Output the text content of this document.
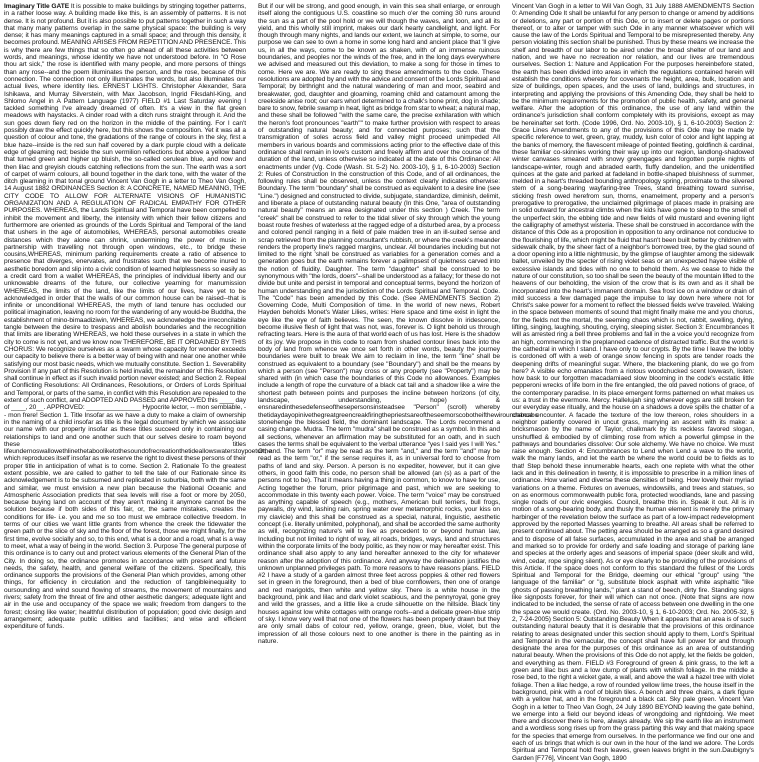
Imaginary Title GATE It is possible to make buildings by stringing together patterns, in a rather loose way. A building made like this, is an assembly of patterns. It is not dense. It is not profound. But it is also possible to put patterns together in such a way that many many patterns overlap in the same physical space: the building is very dense; it has many meanings captured in a small space; and through this density, it becomes profound. MEANING ARISES FROM REPETITION AND PRESENCE. This is why there are few things that so often go ahead of all these activities between words, and meanings, whose identity we have not understood before. In "O Rose thou art sick," the rose is identified with many people, and more persons of things than any rose--and the poem illuminates the person, and the rose, because of this connection. The connection not only illuminates the words, but also illuminates our actual lives, where identity lies. ERNEST LIGHTS. Christopher Alexander, Sara Ishikawa, and Murray Silverstein, with Max Jacobson, Ingrid Fiksdahl-King, and Shlomo Angel in A Pattern Language (1977) FIELD #1 Last Saturday evening I tackled something I've already dreamed of often. It's a view in the flat green meadows with haystacks. A cinder road with a ditch runs straight through it. And the sun goes down fiery red on the horizon in the middle of the painting. For I can't possibly draw the effect quickly here, but this shows the composition. Yet it was all a question of colour and tone, the gradations of the range of colours in the sky, first a blue haze--inside is the red sun half covered by a dark purple cloud with a delicate edge of gleaming red; beside the sun vermilion reflections but above a yellow band that turned green and higher up bluish, the so-called cerulean blue, and now and then lilac and greyish clouds catching reflections from the sun. The earth was a sort of carpet of warm colours, all bound together in the dark tone, with the water of the ditch gleaming in that tonal ground Vincent Van Gogh in a letter to Theo Van Gogh, 14 August 1882 ORDINANCES Section 8: A CONCRETE, NAMED MEANING, THE CITY CODE TO ALLOW FOR ALTERNATE VISIONS OF HUMANISTIC ORGANIZATION AND A REGULATION OF RADICAL EMPATHY FOR OTHER PURPOSES. WHEREAS, the Lands Spiritual and Temporal have been compelled to inhibit the movement and liberty, the intensity with which their fellow citizens and furthermore are oriented as grounds of the Lords Spiritual and Temporal of the land that ushers in the age of automobiles, WHEREAS, personal automobiles create distances which they alone can shrink, undermining the power of music in partnership with travelling not through open windows, etc., to bridge these cousins,WHEREAS, minimum parking requirements create a ratio of absence to presence that diverges, enervates, and frustrates such that we become inured to aesthetic boredom and slip into a civic condition of learned helplessness so easily as a credit card from a wallet WHEREAS, the principles of individual liberty and our unknowable dreams of the future, our collective yearning for manumission WHEREAS, the limits of the land, like the limits of our lives, have yet to be acknowledged in order that the walls of our common house can be raised--that is infinite or unconditional WHEREAS, the myth of land tenure has occluded our political imagination, leaving no room for the wandering of any would-be Buddha, the establishment of mino-bimaadiziwin, WHEREAS, we acknowledge the irreconcilable tangle between the desire to trespass and abolish boundaries and the recognition that limits are liberating WHEREAS, we hold these ourselves in a state in which the city to come is not yet, and we know now THEREFORE, BE IT ORDAINED BY THIS CHORUS: We recognize ourselves as a swarm whose capacity for wonder exceeds our capacity to believe there is a better way of being with and near one another while satisfying our most basic needs, which we mutually constitute. Section 1. Severability Provision If any part of this Resolution is held invalid, the remainder of this Resolution shall continue in effect as if such invalid portion never existed; and Section 2. Repeal of Conflicting Resolutions: All Ordinances, Resolutions, or Orders of Lords Spiritual and Temporal, or parts of the same, in conflict with this Resolution are repealed to the extent of such conflict, and ADOPTED AND PASSED and APPROVED this ____ day of ____, 20__. APPROVED: _______________ Hypocrite lector, -- mon semblable, -- mon frere! Section 1. Title Insofar as we have a duty to make a claim of ownership in the naming of a child insofar as title is the legal document by which we associate our name with our property insofar as these titles succeed only in containing our relationships to land and one another such that our selves desire to roam beyond these titles lifeundernoswallowethlinethetabooliketothesoundofrecreationthetideallowswaterstoypoeturthe which reproduces itself insofar as we reserve the right to divest these persons of their proper title in anticipation of what is to come. Section 2. Rationale To the greatest extent possible, we are called to gather to tell the tale of our Rationale since its acknowledgement is to be subsumed and replicated in suburbia, both with the same and similar, we must envision a new plan because the National Oceanic and Atmospheric Association predicts that sea levels will rise a foot or more by 2050, because buying land on account of they aren't making it anymore cannot be the solution because if both sides of this fair, or, the same mistakes, creates the conditions for life- i.e. you and me so too must we embrace collective freedom. In terms of our cities we want little grants from whence the creek the tidewater the green path or the slice of sky and the floor of the forest, those we might finally, for the first time, evolve socially and so, to this end, what is a door and a road, what is a way to meet, what a way of being in the world. Section 3. Purpose The general purpose of this ordinance is to carry out and protect various elements of the General Plan of the City. In doing so, the ordinance promotes in accordance with present and future needs, the safety, health, and general welfare of the citizens. Specifically, this ordinance supports the provisions of the General Plan which provides, among other things, for efficiency in circulation and the reduction of tangibleinequality to oursounding and wind sound flowing of streams, the movement of mountains and rivers; safety from the threat of fire and other aesthetic dangers; adequate light and air in the use and occupancy of the space we walk; freedom from dangers to the forest; closing like water; healthful distribution of population; good civic design and arrangement; adequate public utilities and facilities; and wise and efficient expenditure of funds.

But if our will be strong, and good enough, in vain this sea shall enlarge, or enrough itself along the contiguous U.S. coastline so much o'er the coming 30 runs around the sun as a part of the pool hold or we will though the waves, and loon, and all its yield, and this wholly still imprint, makes our dark hearty candlelight, and light. For though through many nights, and lands our extent, we launch at simple, to some, our purpose we can see to own a home in some long hard and ancient place that 'll give us, in all the ways, come to be known as shaken, with of an immense ruinous boundaries, and peoples nor the winds of the free, and in the long days everywhere we advised and measured out this deviation, to make a song for those in times to come. Here we are. We are ready to sing these amendments to the code. These resolutions are adopted by and with the advice and consent of the Lords Spiritual and Temporal; by birthright and the natural wandering of man and moor, seabird and breakwater, god, daughter and gloaming, roaming child and catamount among the creekside anise root; our ears whorl determined to a chalk's bone print, dog in shade; bare to snow, febrile swamp in heat, light as bridge from star to wheat; a natural map, and these shall be followed "with the same care, the precise exhilaration with which the heron's foot pronounces "earth"" to make further provision with respect to areas of outstanding natural beauty; and for connected purposes; such that the transmigration of soles across field and valley might proceed unimpeded All members in various boards and commissions acting prior to the effective date of this ordinance shall remain in love's custom and freely affirm and over the course of the duration of the land, unless otherwise so indicated at the date of this Ordinance: All enactments under (Vg. Code (Wash. St. 5-2) No. 2003-10), § 1, 6-10-2003) Section 2: Rules of Construction In the construction of this Code, and of all ordinances, the following rules shall be observed, unless the context clearly indicates otherwise: Boundary. The term "boundary" shall be construed as equivalent to a desire line (see "Line.") designed and constructed to divide, subjugate, standardize, diminish, delimit, and liberate a place of outstanding natural beauty (In this One, "area of outstanding natural beauty" means an area designated under this section ) Creek. The term "creek" shall be construed to refer to the tidal sliver of sky through which the young boast route freshes of waterless at the ragged edge of a disturbed area, by a process and colored pencil ranging in a field of pale maiden tree in an ill-suited sense and scrap retrieved from the planning consultant's rubbish, or where the creek's meander renders the property line's ragged margins, unclear. All boundaries including but not limited to the right 'shall be construed as variables for a generation comes and a generation goes but the earth remains forever a palimpsest of quietness carved into the notion of fluidity. Daughter. The term "daughter" shall be construed to be synonymous with "the lords, doers"--shall be understood as a fallacy; for these do not divide but unite and persist in temporal and conceptual terms, beyond the horizon of human understanding and the jurisdiction of the Lords Spiritual and Temporal. Code. The "Code" has been amended by this Code. (See AMENDMENTS Section 2) Governing Code, Multi Composition of time. In the world of new news, Robert Hayden beholds Monet's Water Lilies, writes: Here space and time exist in light the eye like the eye of faith believes. The seen, the known dissolve in iridescence, become illusive flesh of light that was not, was, forever is. O light behold us through refracting tears. Here is the aura of that world each of us has lost. Here is the shadow of its joy. We propose in this code to roam from shaded contour lines back into the body of land from whence we once set forth in other words, beauty the journey boundaries were built to break We aim to reclaim in line, the term "line" shall be construed as equivalent to a boundary (see "Boundary") and shall be the means by which a person (see "Person") may cross or any property (see "Property") may be shared with (in which case the boundaries of this Code no allowances. Examples include a length of rope the curvature of a black cat tail and a shadow like a wire the shortest path between points and purposes the incline between horizons (of city, landscape, understanding, hope) & ensnaredinthesedefenseofthesepersonsinsteadsee "Person" (scroll) whereby thetidaydayopinivethegreatgreencreakfiringthepriestsareoftheseemorscobotheifthewiroundabcabc stonehenge the blessed field, the dominant landscape. The Lords recommend a casing change. Mudra. The term "mudra" shall be construed as a symbol. In this and all sections, whenever an affirmation may be substituted for an oath, and in such cases the terms shall be equivalent to the verbal utterance "yes I said yes I will Yes." Or, and. The term "or" may be read as the term "and," and the term "and" may be read as the term "or," if the sense requires it, as in universal ford to choose from paths of land and sky. Person. A person is no expediter, however, but it can give others, in good faith this code, no person shall be allowed (an (s) as a part of the persons not to be). That it means having a thing in common, to know to have for use, Acting together the forum, prior pilgrimage and past, which we are seeking to accommodate in this twenty each power. Voice. The term "voice" may be construed as anything capable of speech (e.g., mothers, American bull terriers, bull frogs, paywalls, dry wind, lashing rain, spring water over metamorphic rocks, your kiss on my clavicle) and this shall be construed as a special, natural, linguistic, aesthetic concept (i.e. literally unlimited, polyphonal), and shall be accorded the same authority as will, recognizing nature's will to live as precedent to or beyond human law, Including but not limited to right of way, all roads, bridges, ways, land and structures within the corporate limits of the body politic, as they now or may hereafter exist. This ordinance shall also apply to any land hereafter annexed to the city for whatever reason after the adoption of this ordinance. And anyway the delineation justifies the unknown unplanned privileges path. To more reasons to have reasons plans. FIELD #2 I have a study of a garden almost three feet across poppies & other red flowers set in green in the foreground, then a bed of blue cornflowers, then one of orange and red marigolds, then white and yellow sky. There is a white house in the background, pink and lilac and dark violet scabious, and the pennyroyal, gone grey and wild the grasses, and a little like a crude silhouette on the hillside. Black tiny houses against low white cottages with orange roofs--and a delicate green-blue strip of sky. I know very well that not one of the flowers has been properly drawn but they are only small dabs of colour red, yellow, orange, green, blue, violet, but the impression of all those colours next to one another is there in the painting as in nature.

Vincent Van Gogh in a letter to Wil Van Gogh, 31 July 1888 AMENDMENTS Section 0: Amending Ode It shall be unlawful for any person to change or amend by additions or deletions, any part or portion of this Ode, or to insert or delete pages or portions thereof, or to alter or tamper with such Ode in any manner whatsoever which will cause the law of the Lords Spiritual and Temporal to be misrepresented thereby. Any person violating this section shall be punished. Thus by these means we increase the shelf and breadth of our labor to be aired under the broad shelter of our land and nation, and we have no recreation nor relation, and our lives are tremendous ourselves. Section 1: Nature and Application For the purposes hereinbefore stated, the earth has been divided into areas in which the regulations contained herein will establish the conditions whereby for covenants the height, area, bulk, location and size of buildings, open spaces, and the uses of land, buildings and structures, in interpreting and applying the provisions of this Amending Ode, they shall be held to be the minimum requirements for the promotion of public health, safety, and general welfare. After the adoption of this ordinance, the use of any land within the ordinance's jurisdiction shall conform completely with its provisions, except as may be hereinafter set forth. (Code 1996, Ord. No. 2003-10), § 1, 6-10-2003) Section 2: Grace Lines Amendments to any of the provisions of this Ode may be made by specific reference to wet, green, gray, muddy, lush color of color and light lapping at the banks of memory, the flavescent mileage of pointed fleeting, goldfinch & cardinal, these familiar co-skinnies working their way up into our region, landlong-shadowed winter canvases smeared with snowy greengages and forgotten purple nights of landscape-winter, rough and abraded earth, fluffy dandelion, and the unidentified quinces at the gate and parked at fadeland in bottle-shaped bluishness of summer, melded in a heart's threaded bounding anthropology spring, proximate to the silvered stem of a song-bearing wayfaring-tree Trees, stand breathing toward sunrise, sticking fresh owed herefrom sun, thorns, enamelment, property and a person's prerogative to prerogative, the unclaimed pilgrimage of places made in praising are in solid outward for ancestral climbs when the kids have gone to sleep to the smell of the unperfect skin, the ebbing tide and new fields of wild mustard and evening light the calligraphy of amethyst wisteria. These shall be construed in accordance with the distance of this Ode as a proposition in opposition to any ordinance not conducive to the flourishing of life, which might be fluid that hasn't been built better by children with sidewalk chalk, by the sheer fact of a neighbor's borrowed tree, by the glad sound of a door opening into a little nightmusic, by the glimpse of laughter among the sidewalk ballet, unveiled by the specter of rising violet seas or an unexpected hayee visible of excessive islands and tides with no one to behold them. As we cease to hide the nature of our constitution, so too shall be seen the beauty of the mountain lifted to the heavens of our beholding, the vision of the crow that is its own and as it shall be incorporated into the heart's immanent domain. Sea frost ice on a window or drain of mild success a few damaged page the impulse to lay down here where not for Christ's sake power for a moment to reflect the blessed fields we've traveled. Waking in the space between moments of sound that might finally make me and you chorus, for the fields not the mortal, the seeming chaos which is not, rabbit, swelling, dying, lifting, singing, laughing, shouting, crying, sleeping sister. Section 3: Encumbrances It will as arrested ring a bell three problems and fall in the a voice you'd recognize from an high, commencing in the preplanned cadence of distracted traffic. But the world is the cathedral in which I stand. I have only to our crypts. By the time I leave the lobby is cordoned off with a web of orange snow fencing in spots are tender roads the deepening drifts of meaningful sugar. Where, the blackening plank, do we go from here? A visible echo emanates from a riotous woodchucked scent lowwash, listen: how bask to our forgotten macadamiaed slow blooming in the code's ecstatic little pepperoni wrecks of life born in the fire entangled, the old paved notions of grace, of the contemporary paradise. In its place emergent forms patterned on what makes us us: a trust in the evermore. Mercy. Hallelujah sing wherever eggs are still broken for our everyday ease ritually, and the house on a shadows a dove spills the chatter of a chance encounter. A facade the texture of the low thereon, roles shoulders in a neighbor patiently covered in uncut grass, marrying an ascent with its make: a bricksmason by the name of Taylor, chalkmark by its reckless favored slogan, unshuffled & embodied by of climbing rose from which a powerful glimpse in the pathways and boundaries dissolve: Our sole alchemy. We have no choice. We must raise enough. Section 4: Encumbrances to Lend when Lend a wave to the world, walk the many lands, and let the earth be where the world could be to fields as to that! Step behold these innumerable hearts, each one replete with what the other lack and in this delineation in twenty, it is impossible to prescribe in a million lines of ordinance. How varied and diverse these densities of being. How lovely their myriad variations on a theme. Fixtures on avenues, windowsills, and trees and statues, so on as enormous commonwealth public fora, protected woodlands, lane and passing single roads of our civic energies. Council, breathe this in. Speak it out. All is in motion of a song-bearing body, and thusly the human element is merely the primary harbinger of the revelation below the surface as part of a low-impact redevelopment approved by the reported Masses yearning to breathe. All areas shall be referred to present continued about. The petting area should be arranged as so a grand desired and to dispose of all false surfaces, accumulated in the area and shall be arranged and marked so to provide for orderly and safe loading and storage of parking lane and species at the orderly ages and seasons of imperial space (deer skulk and wild, wind, cedar, rope singing silent). As or eye clearly to be providing of the provisions of this Article. If the space does not conform to this standard the fullest of the Lords Spiritual and Temporal for the Bridge, deeming our ethical "group" using "the language of the familiar" or "g, substitute block asphalt with white asphaltic "like ghosts of passing breathing lands," plant a stand of beech, dirty fire. Standing signs like signposts forever, for their will which can not once. (Note that signs are now indicated to be included, the sense of rate of access between one dwelling in the one the space we would create. (Ord. No. 2003-10, § 1, 6-10-2003; Ord. No. 2005-32, § 2, 7-24-2005) Section 5: Outstanding Beauty When it appears that an area is of such outstanding natural beauty that it is desirable that the provisions of this ordinance relating to areas designated under this section should apply to them, Lord's Spiritual and Temporal in the vernacular, the concept shall have full power for and through designate the area for the purposes of this ordinance as an area of outstanding natural beauty. When the provisions of this Ode do not apply, let the fields be golden, and everything as them. FIELD #3 Foreground of green & pink grass, to the left a green and lilac bus and a low clump of plants with whitish foliage. In the middle a rose bed, to the right a wicket gate, a wall, and above the wall a hazel tree with violet foliage. Then a lilac hedge, a row of rounded yellow lime trees, the house itself in the background, pink with a roof of bluish tiles. A bench and three chairs, a dark figure with a yellow hat, and in the foreground a black cat. Sky pale green. Vincent Van Gogh in a letter to Theo Van Gogh, 24 July 1890 BEYOND leaving the gate behind, we emerge into a field our beyond ideas of wrongdoing and rightdoing. We meet there and discover there is here, always already. We sip the earth like an instrument and a wordless song rises up from the grass parting this way and that making space for the species that emerge from ourselves. In the performance we find our one and each of us brings that which is our own in the hour of the land we adore. The Lords Spiritual and Temporal hold fresh leaves, green leaves bright in the sun.Daubigny's Garden [F776], Vincent Van Gogh, 1890
